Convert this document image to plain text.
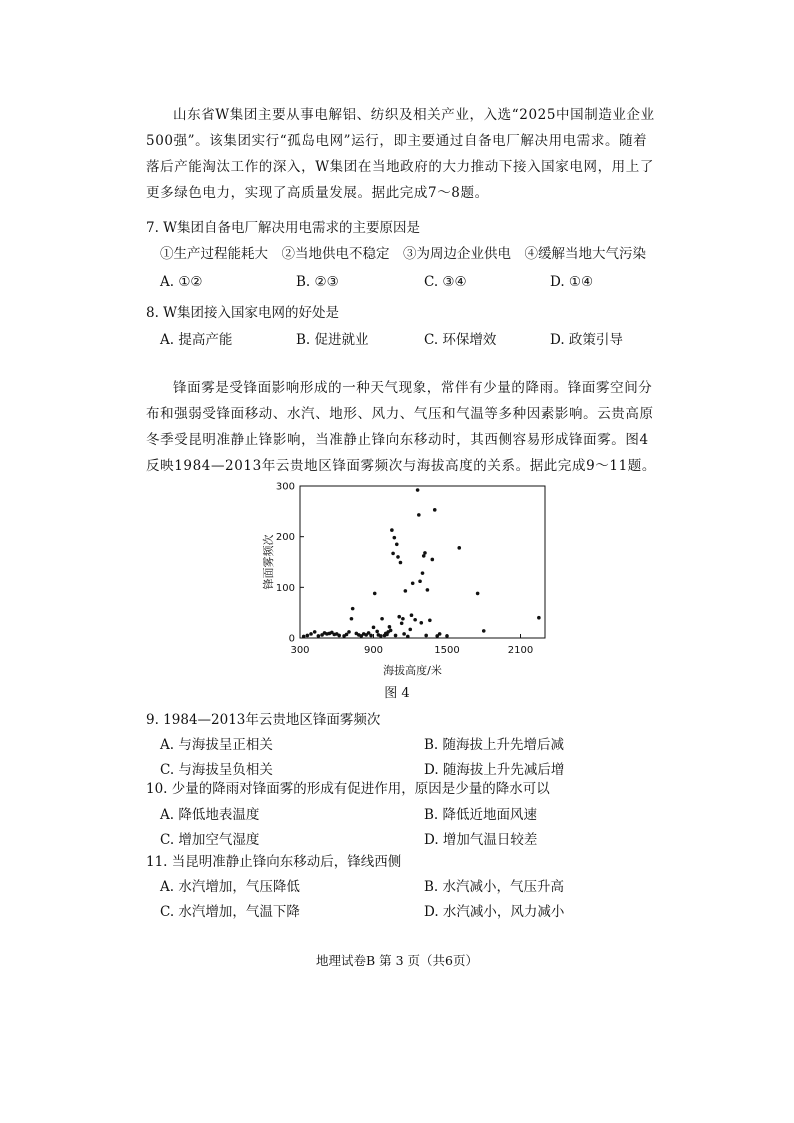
山东省W集团主要从事电解铝、纺织及相关产业，入选“2025中国制造业企业500强”。该集团实行“孤岛电网”运行，即主要通过自备电厂解决用电需求。随着落后产能淘汰工作的深入，W集团在当地政府的大力推动下接入国家电网，用上了更多绿色电力，实现了高质量发展。据此完成7～8题。

7. W集团自备电厂解决用电需求的主要原因是

①生产过程能耗大　②当地供电不稳定　③为周边企业供电　④缓解当地大气污染

A. ①②	B. ②③	C. ③④	D. ①④

8. W集团接入国家电网的好处是

A. 提高产能	B. 促进就业	C. 环保增效	D. 政策引导

锋面雾是受锋面影响形成的一种天气现象，常伴有少量的降雨。锋面雾空间分布和强弱受锋面移动、水汽、地形、风力、气压和气温等多种因素影响。云贵高原冬季受昆明准静止锋影响，当准静止锋向东移动时，其西侧容易形成锋面雾。图4反映1984—2013年云贵地区锋面雾频次与海拔高度的关系。据此完成9～11题。

300	900	1500	2100
0
100
200
300
海拔高度/米
锋面雾频次
图 4

9. 1984—2013年云贵地区锋面雾频次

A. 与海拔呈正相关	B. 随海拔上升先增后减

C. 与海拔呈负相关	D. 随海拔上升先减后增

10. 少量的降雨对锋面雾的形成有促进作用，原因是少量的降水可以

A. 降低地表温度	B. 降低近地面风速

C. 增加空气湿度	D. 增加气温日较差

11. 当昆明准静止锋向东移动后，锋线西侧

A. 水汽增加，气压降低	B. 水汽减小，气压升高

C. 水汽增加，气温下降	D. 水汽减小，风力减小

地理试卷B 第 3 页（共6页）
